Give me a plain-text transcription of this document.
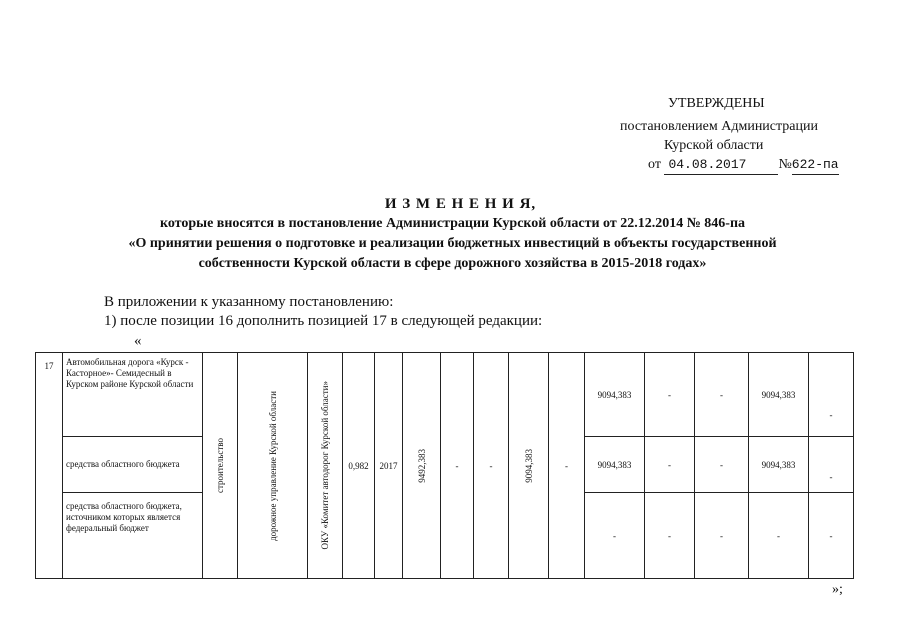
УТВЕРЖДЕНЫ
постановлением Администрации
Курской области
от 04.08.2017 №622-па
И З М Е Н Е Н И Я,
которые вносятся в постановление Администрации Курской области от 22.12.2014 № 846-па
«О принятии решения о подготовке и реализации бюджетных инвестиций в объекты государственной
собственности Курской области в сфере дорожного хозяйства в 2015-2018 годах»
В приложении к указанному постановлению:
1) после позиции 16 дополнить позицией 17 в следующей редакции:
«
17	Автомобильная дорога «Курск - Касторное»- Семидесный в Курском районе Курской области	строительство	дорожное управление Курской области	ОКУ «Комитет автодорог Курской области»	0,982	2017	9492,383	-	-	9094,383	-	9094,383	-	-	9094,383	-
	средства областного бюджета											9094,383	-	-	9094,383	-
	средства областного бюджета, источником которых является федеральный бюджет											-	-	-	-	-
»;
